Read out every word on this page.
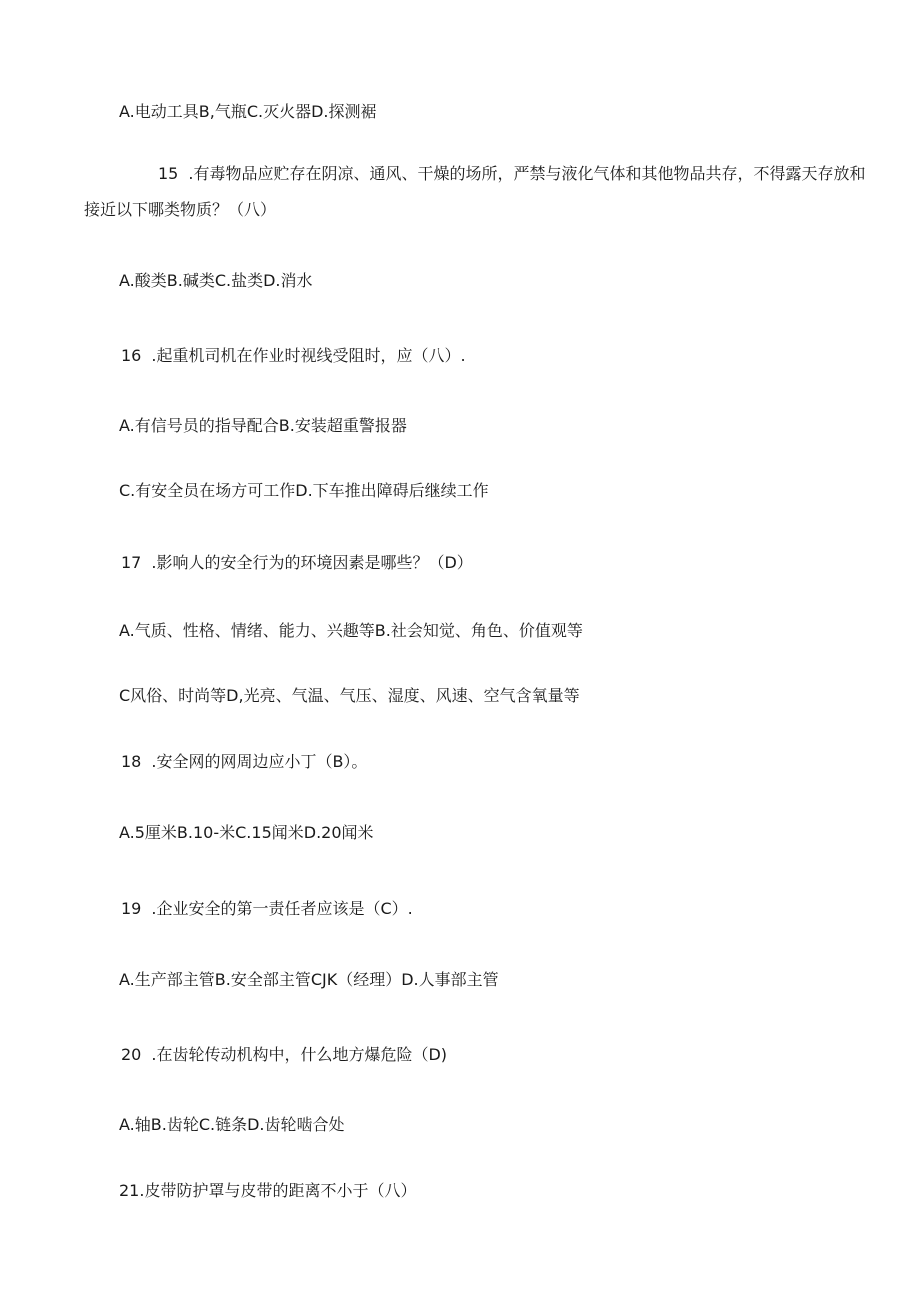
A.电动工具B,气瓶C.灭火器D.探测裾
15 .有毒物品应贮存在阴凉、通风、干燥的场所，严禁与液化气体和其他物品共存，不得露天存放和接近以下哪类物质？（八）
A.酸类B.碱类C.盐类D.消水
16 .起重机司机在作业时视线受阻时，应（八）.
A.有信号员的指导配合B.安装超重警报器
C.有安全员在场方可工作D.下车推出障碍后继续工作
17 .影响人的安全行为的环境因素是哪些？（D）
A.气质、性格、情绪、能力、兴趣等B.社会知觉、角色、价值观等
C风俗、时尚等D,光亮、气温、气压、湿度、风速、空气含氧量等
18 .安全网的网周边应小丁（B）。
A.5厘米B.10-米C.15闻米D.20闻米
19 .企业安全的第一责任者应该是（C）.
A.生产部主管B.安全部主管CJK（经理）D.人事部主管
20 .在齿轮传动机构中，什么地方爆危险（D)
A.轴B.齿轮C.链条D.齿轮啮合处
21.皮带防护罩与皮带的距离不小于（八）
